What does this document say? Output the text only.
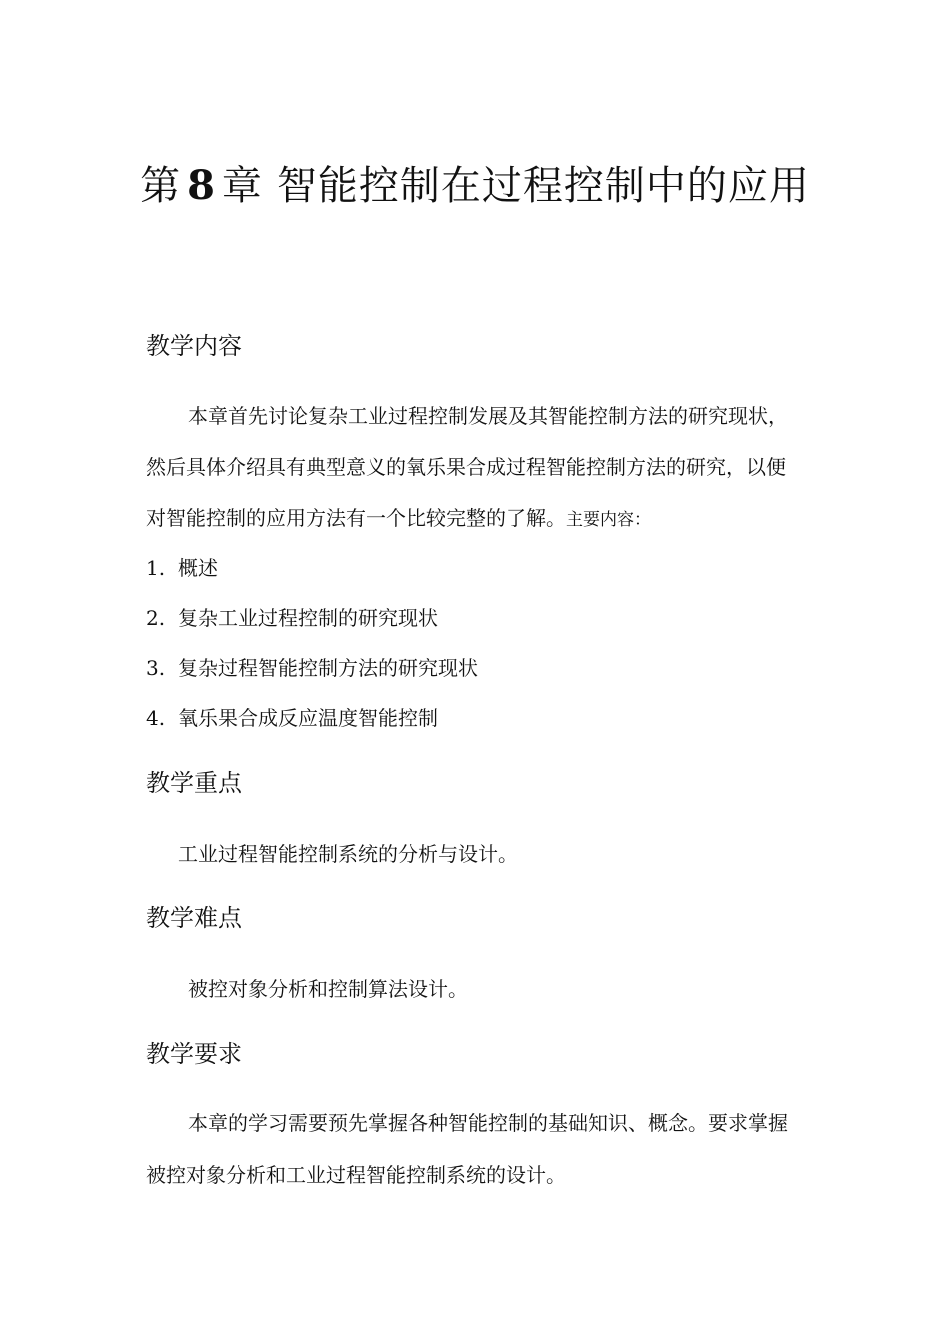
第 8 章 智能控制在过程控制中的应用
教学内容

本章首先讨论复杂工业过程控制发展及其智能控制方法的研究现状，

然后具体介绍具有典型意义的氧乐果合成过程智能控制方法的研究，以便

对智能控制的应用方法有一个比较完整的了解。主要内容：

1. 概述
2. 复杂工业过程控制的研究现状
3. 复杂过程智能控制方法的研究现状
4. 氧乐果合成反应温度智能控制
教学重点

工业过程智能控制系统的分析与设计。

教学难点

被控对象分析和控制算法设计。

教学要求

本章的学习需要预先掌握各种智能控制的基础知识、概念。要求掌握

被控对象分析和工业过程智能控制系统的设计。
